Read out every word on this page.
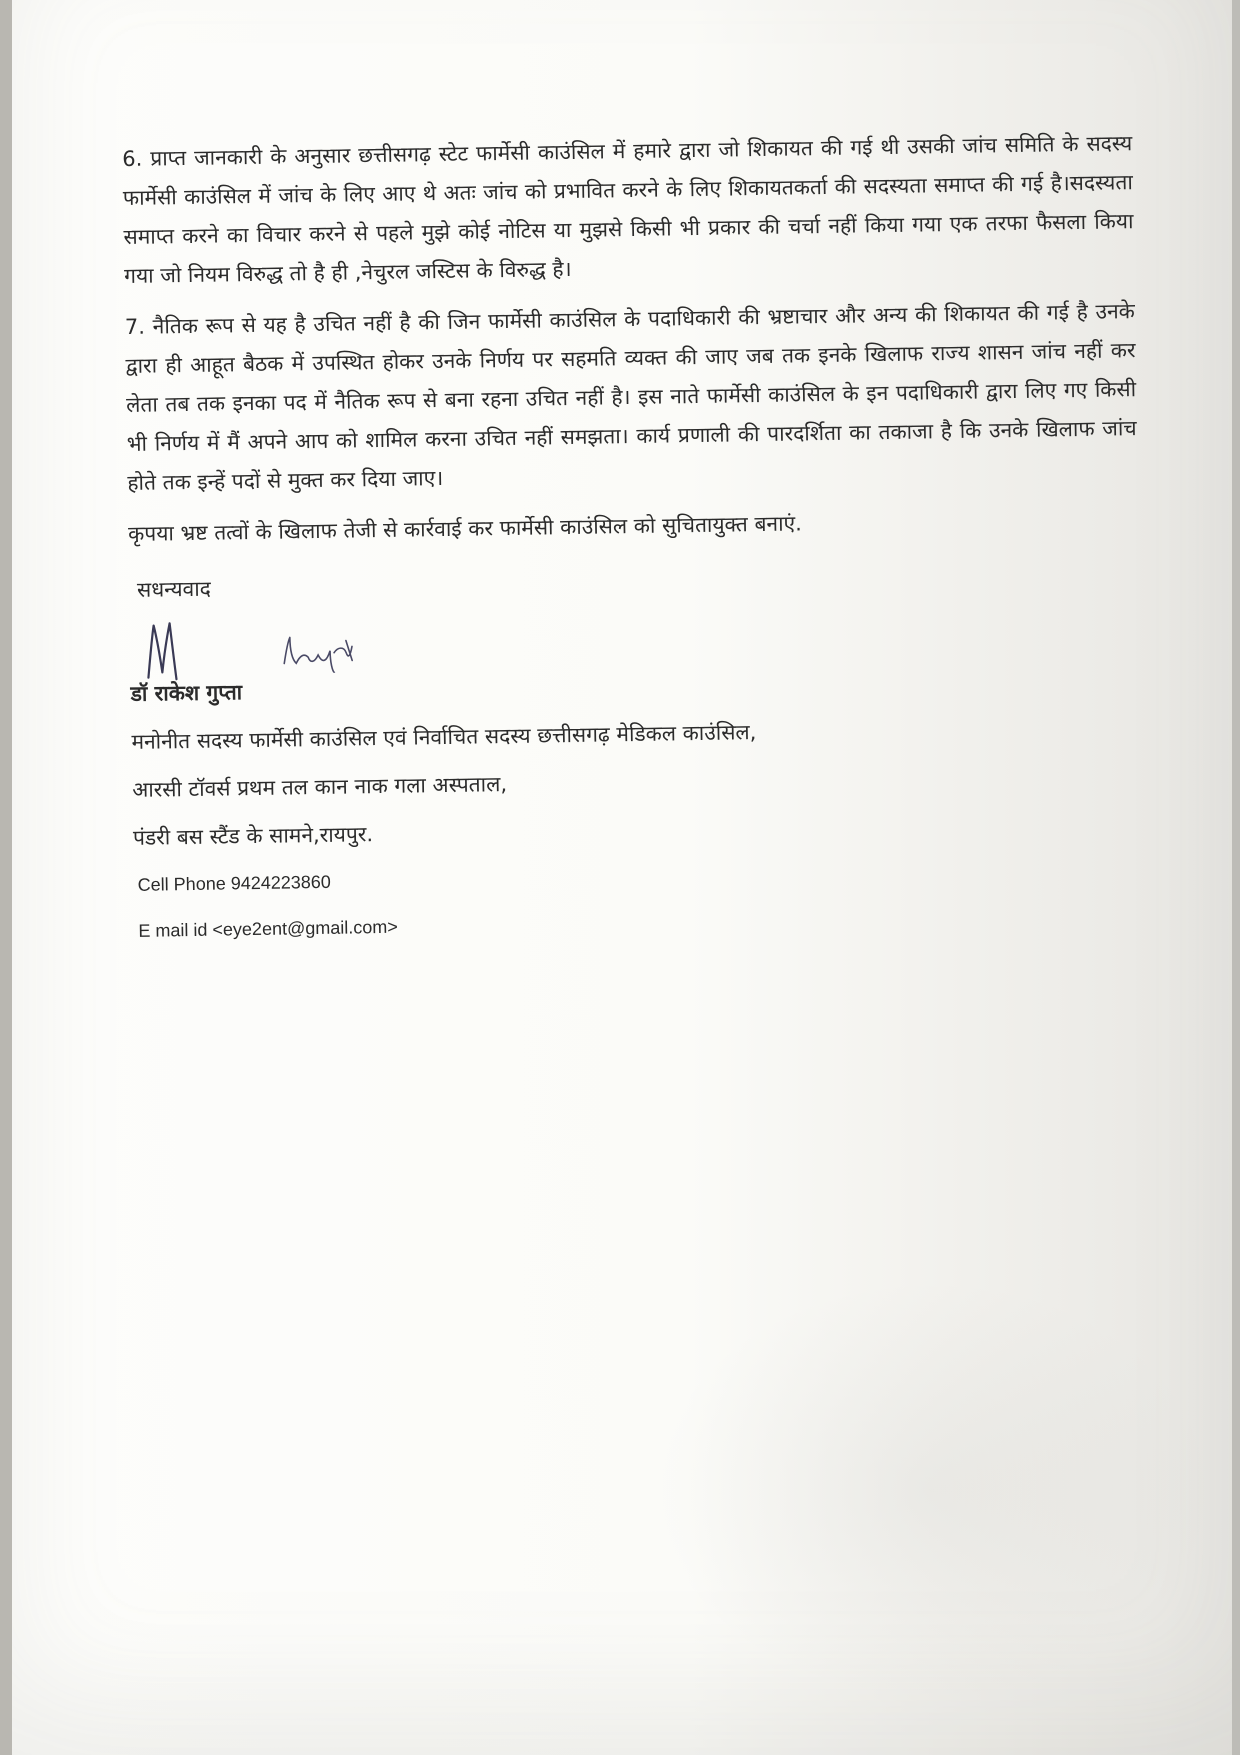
6. प्राप्त जानकारी के अनुसार छत्तीसगढ़ स्टेट फार्मेसी काउंसिल में हमारे द्वारा जो शिकायत की गई थी उसकी जांच समिति के सदस्य फार्मेसी काउंसिल में जांच के लिए आए थे अतः जांच को प्रभावित करने के लिए शिकायतकर्ता की सदस्यता समाप्त की गई है।सदस्यता समाप्त करने का विचार करने से पहले मुझे कोई नोटिस या मुझसे किसी भी प्रकार की चर्चा नहीं किया गया एक तरफा फैसला किया गया जो नियम विरुद्ध तो है ही ,नेचुरल जस्टिस के विरुद्ध है।

7. नैतिक रूप से यह है उचित नहीं है की जिन फार्मेसी काउंसिल के पदाधिकारी की भ्रष्टाचार और अन्य की शिकायत की गई है उनके द्वारा ही आहूत बैठक में उपस्थित होकर उनके निर्णय पर सहमति व्यक्त की जाए जब तक इनके खिलाफ राज्य शासन जांच नहीं कर लेता तब तक इनका पद में नैतिक रूप से बना रहना उचित नहीं है। इस नाते फार्मेसी काउंसिल के इन पदाधिकारी द्वारा लिए गए किसी भी निर्णय में मैं अपने आप को शामिल करना उचित नहीं समझता। कार्य प्रणाली की पारदर्शिता का तकाजा है कि उनके खिलाफ जांच होते तक इन्हें पदों से मुक्त कर दिया जाए।

कृपया भ्रष्ट तत्वों के खिलाफ तेजी से कार्रवाई कर फार्मेसी काउंसिल को सुचितायुक्त बनाएं.

सधन्यवाद
डॉ राकेश गुप्ता

मनोनीत सदस्य फार्मेसी काउंसिल एवं निर्वाचित सदस्य छत्तीसगढ़ मेडिकल काउंसिल,

आरसी टॉवर्स प्रथम तल कान नाक गला अस्पताल,

पंडरी बस स्टैंड के सामने,रायपुर.

Cell Phone 9424223860

E mail id <eye2ent@gmail.com>
